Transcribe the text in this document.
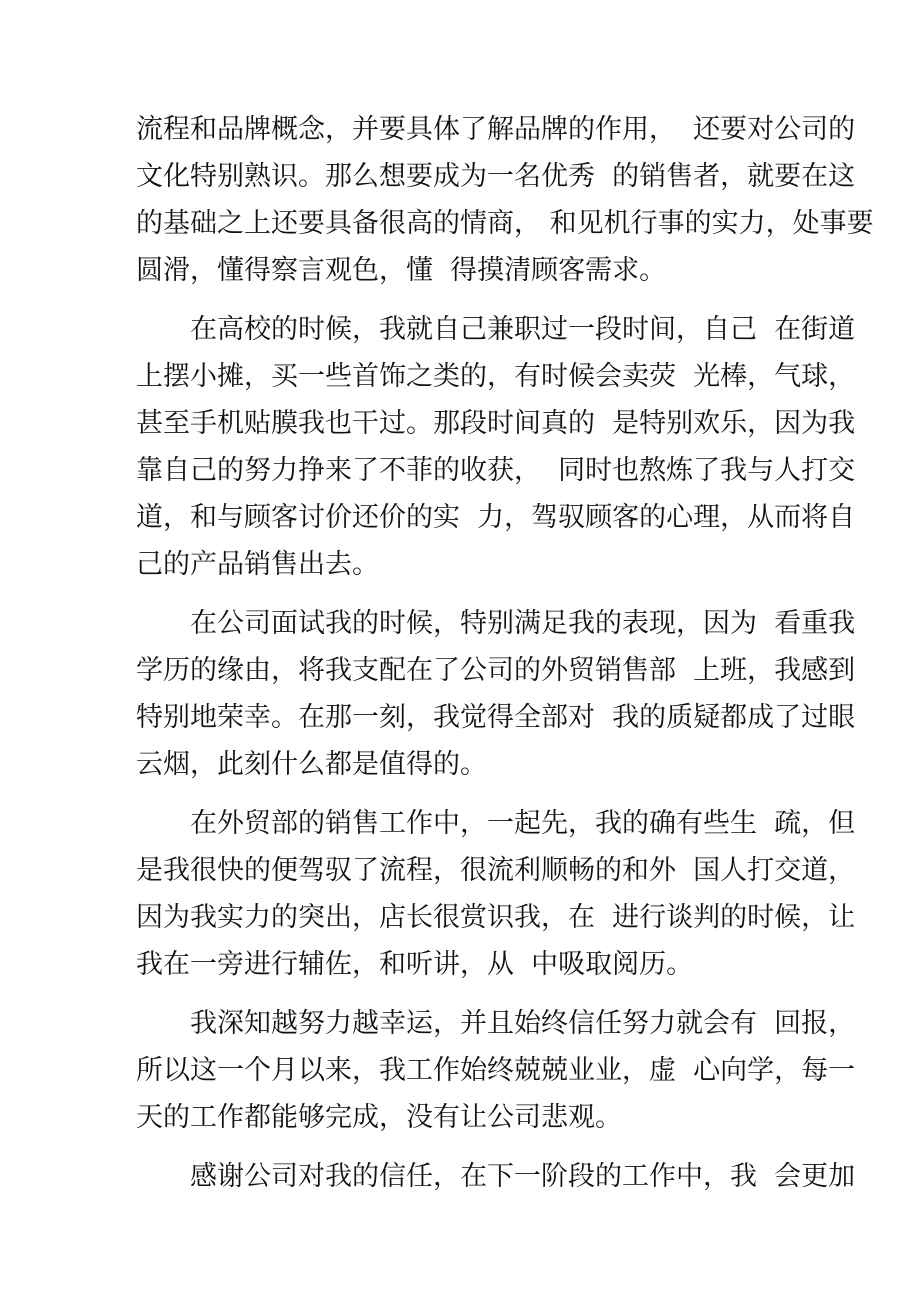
流程和品牌概念，并要具体了解品牌的作用，  还要对公司的
文化特别熟识。那么想要成为一名优秀  的销售者，就要在这
的基础之上还要具备很高的情商， 和见机行事的实力，处事要
圆滑，懂得察言观色，懂  得摸清顾客需求。
在高校的时候，我就自己兼职过一段时间，自己  在街道
上摆小摊，买一些首饰之类的，有时候会卖荧  光棒，气球，
甚至手机贴膜我也干过。那段时间真的  是特别欢乐，因为我
靠自己的努力挣来了不菲的收获，  同时也熬炼了我与人打交
道，和与顾客讨价还价的实  力，驾驭顾客的心理，从而将自
己的产品销售出去。
在公司面试我的时候，特别满足我的表现，因为  看重我
学历的缘由，将我支配在了公司的外贸销售部  上班，我感到
特别地荣幸。在那一刻，我觉得全部对  我的质疑都成了过眼
云烟，此刻什么都是值得的。
在外贸部的销售工作中，一起先，我的确有些生  疏，但
是我很快的便驾驭了流程，很流利顺畅的和外  国人打交道，
因为我实力的突出，店长很赏识我，在  进行谈判的时候，让
我在一旁进行辅佐，和听讲，从  中吸取阅历。
我深知越努力越幸运，并且始终信任努力就会有  回报，
所以这一个月以来，我工作始终兢兢业业，虚  心向学，每一
天的工作都能够完成，没有让公司悲观。
感谢公司对我的信任，在下一阶段的工作中，我  会更加
